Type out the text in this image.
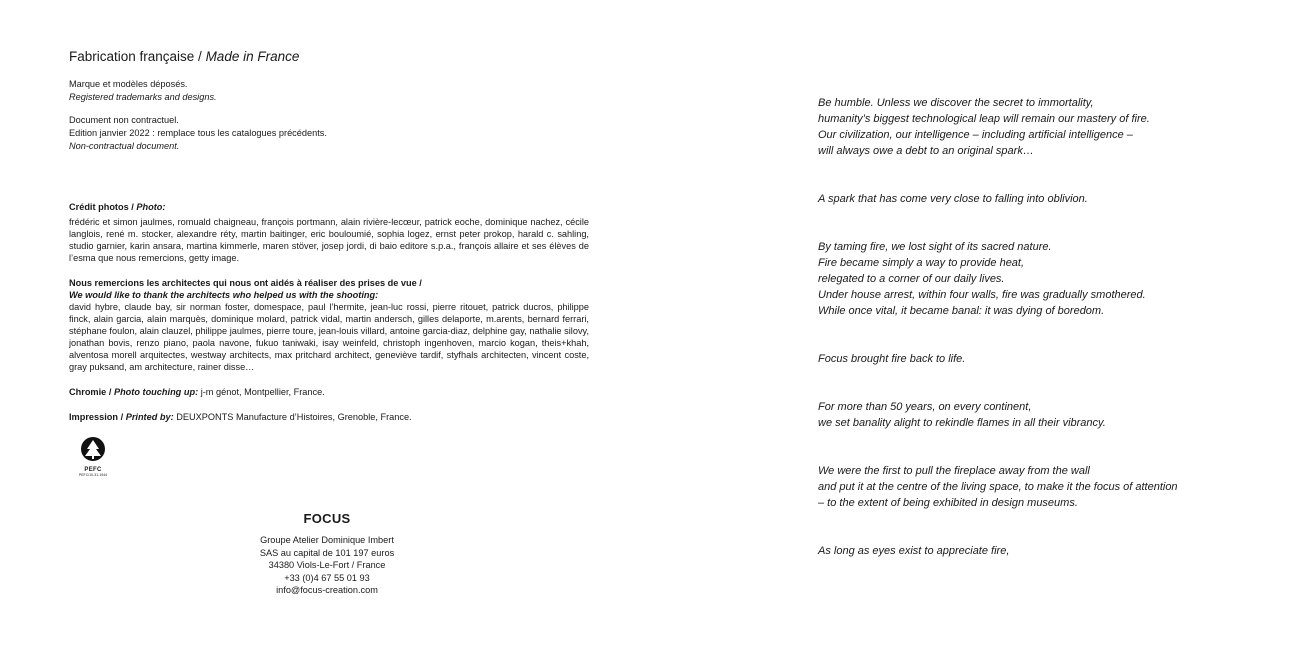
Fabrication française / Made in France
Marque et modèles déposés.
Registered trademarks and designs.
Document non contractuel.
Edition janvier 2022 : remplace tous les catalogues précédents.
Non-contractual document.
Crédit photos / Photo:
frédéric et simon jaulmes, romuald chaigneau, françois portmann, alain rivière-lecœur, patrick eoche, dominique nachez, cécile langlois, rené m. stocker, alexandre réty, martin baitinger, eric bouloumié, sophia logez, ernst peter prokop, harald c. sahling, studio garnier, karin ansara, martina kimmerle, maren stöver, josep jordi, di baio editore s.p.a., françois allaire et ses élèves de l’esma que nous remercions, getty image.
Nous remercions les architectes qui nous ont aidés à réaliser des prises de vue /
We would like to thank the architects who helped us with the shooting:
david hybre, claude bay, sir norman foster, domespace, paul l’hermite, jean-luc rossi, pierre ritouet, patrick ducros, philippe finck, alain garcia, alain marquès, dominique molard, patrick vidal, martin andersch, gilles delaporte, m.arents, bernard ferrari, stéphane foulon, alain clauzel, philippe jaulmes, pierre toure, jean-louis villard, antoine garcia-diaz, delphine gay, nathalie silovy, jonathan bovis, renzo piano, paola navone, fukuo taniwaki, isay weinfeld, christoph ingenhoven, marcio kogan, theis+khah, alventosa morell arquitectes, westway architects, max pritchard architect, geneviève tardif, styfhals architecten, vincent coste, gray puksand, am architecture, rainer disse…
Chromie / Photo touching up: j-m génot, Montpellier, France.
Impression / Printed by: DEUXPONTS Manufacture d’Histoires, Grenoble, France.
PEFC
PEFC/10-31-1944
FOCUS
Groupe Atelier Dominique Imbert
SAS au capital de 101 197 euros
34380 Viols-Le-Fort / France
+33 (0)4 67 55 01 93
info@focus-creation.com
Be humble. Unless we discover the secret to immortality,
humanity’s biggest technological leap will remain our mastery of fire.
Our civilization, our intelligence – including artificial intelligence –
will always owe a debt to an original spark…
A spark that has come very close to falling into oblivion.
By taming fire, we lost sight of its sacred nature.
Fire became simply a way to provide heat,
relegated to a corner of our daily lives.
Under house arrest, within four walls, fire was gradually smothered.
While once vital, it became banal: it was dying of boredom.
Focus brought fire back to life.
For more than 50 years, on every continent,
we set banality alight to rekindle flames in all their vibrancy.
We were the first to pull the fireplace away from the wall
and put it at the centre of the living space, to make it the focus of attention
– to the extent of being exhibited in design museums.
As long as eyes exist to appreciate fire,
